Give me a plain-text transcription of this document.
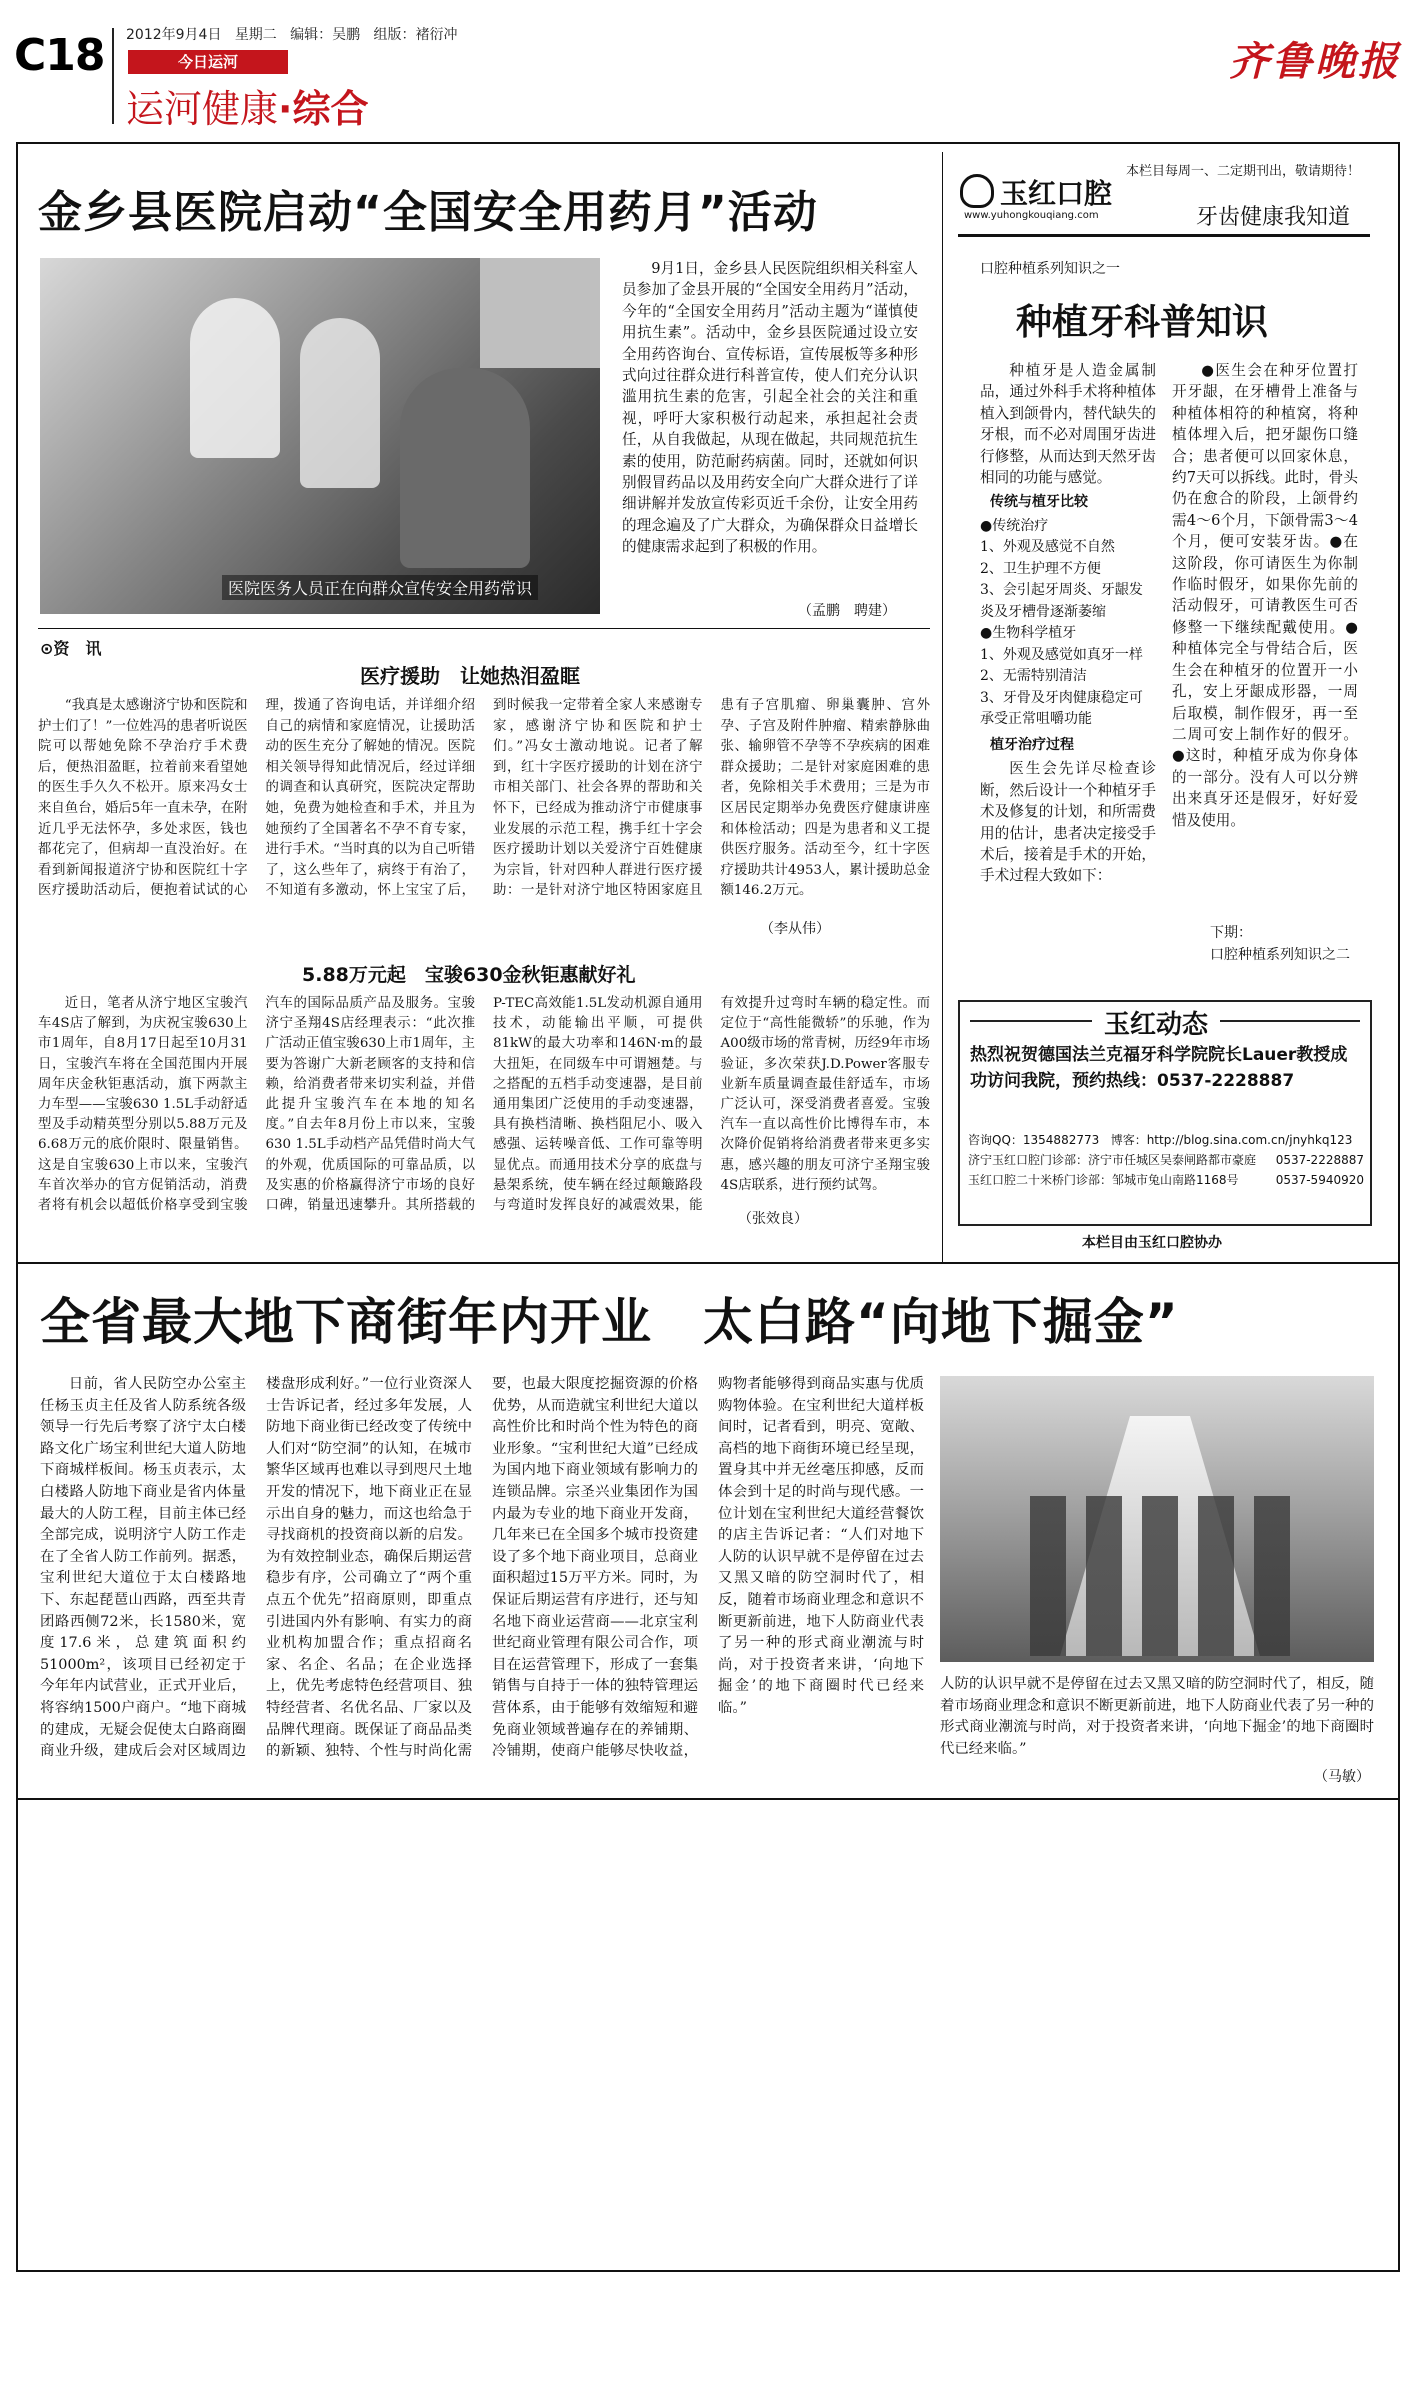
C18 2012年9月4日 星期二 编辑：吴鹏 组版：褚衍冲
今日运河
运河健康·综合
齐鲁晚报
金乡县医院启动“全国安全用药月”活动
医院医务人员正在向群众宣传安全用药常识

9月1日，金乡县人民医院组织相关科室人员参加了金县开展的“全国安全用药月”活动，今年的“全国安全用药月”活动主题为“谨慎使用抗生素”。活动中，金乡县医院通过设立安全用药咨询台、宣传标语，宣传展板等多种形式向过往群众进行科普宣传，使人们充分认识滥用抗生素的危害，引起全社会的关注和重视，呼吁大家积极行动起来，承担起社会责任，从自我做起，从现在做起，共同规范抗生素的使用，防范耐药病菌。同时，还就如何识别假冒药品以及用药安全向广大群众进行了详细讲解并发放宣传彩页近千余份，让安全用药的理念遍及了广大群众，为确保群众日益增长的健康需求起到了积极的作用。

（孟鹏　聘建）
本栏目每周一、二定期刊出，敬请期待！
玉红口腔
www.yuhongkouqiang.com	牙齿健康我知道
口腔种植系列知识之一
种植牙科普知识

种植牙是人造金属制品，通过外科手术将种植体植入到颌骨内，替代缺失的牙根，而不必对周围牙齿进行修整，从而达到天然牙齿相同的功能与感觉。

传统与植牙比较
●传统治疗
1、外观及感觉不自然
2、卫生护理不方便
3、会引起牙周炎、牙龈发炎及牙槽骨逐渐萎缩
●生物科学植牙
1、外观及感觉如真牙一样
2、无需特别清洁
3、牙骨及牙肉健康稳定可承受正常咀嚼功能
植牙治疗过程

医生会先详尽检查诊断，然后设计一个种植牙手术及修复的计划，和所需费用的估计，患者决定接受手术后，接着是手术的开始，手术过程大致如下：

●医生会在种牙位置打开牙龈，在牙槽骨上准备与种植体相符的种植窝，将种植体埋入后，把牙龈伤口缝合；患者便可以回家休息，约7天可以拆线。此时，骨头仍在愈合的阶段，上颌骨约需4～6个月，下颌骨需3～4个月，便可安装牙齿。●在这阶段，你可请医生为你制作临时假牙，如果你先前的活动假牙，可请教医生可否修整一下继续配戴使用。●种植体完全与骨结合后，医生会在种植牙的位置开一小孔，安上牙龈成形器，一周后取模，制作假牙，再一至二周可安上制作好的假牙。●这时，种植牙成为你身体的一部分。没有人可以分辨出来真牙还是假牙，好好爱惜及使用。

下期：
口腔种植系列知识之二
玉红动态
热烈祝贺德国法兰克福牙科学院院长Lauer教授成功访问我院，预约热线：0537-2228887
咨询QQ：1354882773 博客：http://blog.sina.com.cn/jnyhkq123
济宁玉红口腔门诊部：济宁市任城区吴泰闸路都市豪庭 0537-2228887
玉红口腔二十米桥门诊部：邹城市兔山南路1168号	0537-5940920
本栏目由玉红口腔协办
⊙资　讯
医疗援助　让她热泪盈眶

“我真是太感谢济宁协和医院和护士们了！”一位姓冯的患者听说医院可以帮她免除不孕治疗手术费后，便热泪盈眶，拉着前来看望她的医生手久久不松开。原来冯女士来自鱼台，婚后5年一直未孕，在附近几乎无法怀孕，多处求医，钱也都花完了，但病却一直没治好。在看到新闻报道济宁协和医院红十字医疗援助活动后，便抱着试试的心理，拨通了咨询电话，并详细介绍自己的病情和家庭情况，让援助活动的医生充分了解她的情况。医院相关领导得知此情况后，经过详细的调查和认真研究，医院决定帮助她，免费为她检查和手术，并且为她预约了全国著名不孕不育专家，进行手术。“当时真的以为自己听错了，这么些年了，病终于有治了，不知道有多激动，怀上宝宝了后，到时候我一定带着全家人来感谢专家，感谢济宁协和医院和护士们。”冯女士激动地说。记者了解到，红十字医疗援助的计划在济宁市相关部门、社会各界的帮助和关怀下，已经成为推动济宁市健康事业发展的示范工程，携手红十字会医疗援助计划以关爱济宁百姓健康为宗旨，针对四种人群进行医疗援助：一是针对济宁地区特困家庭且患有子宫肌瘤、卵巢囊肿、宫外孕、子宫及附件肿瘤、精索静脉曲张、输卵管不孕等不孕疾病的困难群众援助；二是针对家庭困难的患者，免除相关手术费用；三是为市区居民定期举办免费医疗健康讲座和体检活动；四是为患者和义工提供医疗服务。活动至今，红十字医疗援助共计4953人，累计援助总金额146.2万元。

（李从伟）
5.88万元起　宝骏630金秋钜惠献好礼

近日，笔者从济宁地区宝骏汽车4S店了解到，为庆祝宝骏630上市1周年，自8月17日起至10月31日，宝骏汽车将在全国范围内开展周年庆金秋钜惠活动，旗下两款主力车型——宝骏630 1.5L手动舒适型及手动精英型分别以5.88万元及6.68万元的底价限时、限量销售。这是自宝骏630上市以来，宝骏汽车首次举办的官方促销活动，消费者将有机会以超低价格享受到宝骏汽车的国际品质产品及服务。宝骏济宁圣翔4S店经理表示：“此次推广活动正值宝骏630上市1周年，主要为答谢广大新老顾客的支持和信赖，给消费者带来切实利益，并借此提升宝骏汽车在本地的知名度。”自去年8月份上市以来，宝骏630 1.5L手动档产品凭借时尚大气的外观，优质国际的可靠品质，以及实惠的价格赢得济宁市场的良好口碑，销量迅速攀升。其所搭载的P-TEC高效能1.5L发动机源自通用技术，动能输出平顺，可提供81kW的最大功率和146N·m的最大扭矩，在同级车中可谓翘楚。与之搭配的五档手动变速器，是目前通用集团广泛使用的手动变速器，具有换档清晰、换档阻尼小、吸入感强、运转噪音低、工作可靠等明显优点。而通用技术分享的底盘与悬架系统，使车辆在经过颠簸路段与弯道时发挥良好的减震效果，能有效提升过弯时车辆的稳定性。而定位于“高性能微轿”的乐驰，作为A00级市场的常青树，历经9年市场验证，多次荣获J.D.Power客服专业新车质量调查最佳舒适车，市场广泛认可，深受消费者喜爱。宝骏汽车一直以高性价比博得车市，本次降价促销将给消费者带来更多实惠，感兴趣的朋友可济宁圣翔宝骏4S店联系，进行预约试驾。

（张效良）
全省最大地下商街年内开业　太白路“向地下掘金”

日前，省人民防空办公室主任杨玉贞主任及省人防系统各级领导一行先后考察了济宁太白楼路文化广场宝利世纪大道人防地下商城样板间。杨玉贞表示，太白楼路人防地下商业是省内体量最大的人防工程，目前主体已经全部完成，说明济宁人防工作走在了全省人防工作前列。据悉，宝利世纪大道位于太白楼路地下、东起琵琶山西路，西至共青团路西侧72米，长1580米，宽度17.6米，总建筑面积约51000m²，该项目已经初定于今年年内试营业，正式开业后，将容纳1500户商户。“地下商城的建成，无疑会促使太白路商圈商业升级，建成后会对区域周边楼盘形成利好。”一位行业资深人士告诉记者，经过多年发展，人防地下商业街已经改变了传统中人们对“防空洞”的认知，在城市繁华区域再也难以寻到咫尺土地开发的情况下，地下商业正在显示出自身的魅力，而这也给急于寻找商机的投资商以新的启发。为有效控制业态，确保后期运营稳步有序，公司确立了“两个重点五个优先”招商原则，即重点引进国内外有影响、有实力的商业机构加盟合作；重点招商名家、名企、名品；在企业选择上，优先考虑特色经营项目、独特经营者、名优名品、厂家以及品牌代理商。既保证了商品品类的新颖、独特、个性与时尚化需要，也最大限度挖掘资源的价格优势，从而造就宝利世纪大道以高性价比和时尚个性为特色的商业形象。“宝利世纪大道”已经成为国内地下商业领域有影响力的连锁品牌。宗圣兴业集团作为国内最为专业的地下商业开发商，几年来已在全国多个城市投资建设了多个地下商业项目，总商业面积超过15万平方米。同时，为保证后期运营有序进行，还与知名地下商业运营商——北京宝利世纪商业管理有限公司合作，项目在运营管理下，形成了一套集销售与自持于一体的独特管理运营体系，由于能够有效缩短和避免商业领域普遍存在的养铺期、冷铺期，使商户能够尽快收益，购物者能够得到商品实惠与优质购物体验。在宝利世纪大道样板间时，记者看到，明亮、宽敞、高档的地下商街环境已经呈现，置身其中并无丝毫压抑感，反而体会到十足的时尚与现代感。一位计划在宝利世纪大道经营餐饮的店主告诉记者：“人们对地下人防的认识早就不是停留在过去又黑又暗的防空洞时代了，相反，随着市场商业理念和意识不断更新前进，地下人防商业代表了另一种的形式商业潮流与时尚，对于投资者来讲，‘向地下掘金’的地下商圈时代已经来临。”

人防的认识早就不是停留在过去又黑又暗的防空洞时代了，相反，随着市场商业理念和意识不断更新前进，地下人防商业代表了另一种的形式商业潮流与时尚，对于投资者来讲，‘向地下掘金’的地下商圈时代已经来临。”
（马敏）
